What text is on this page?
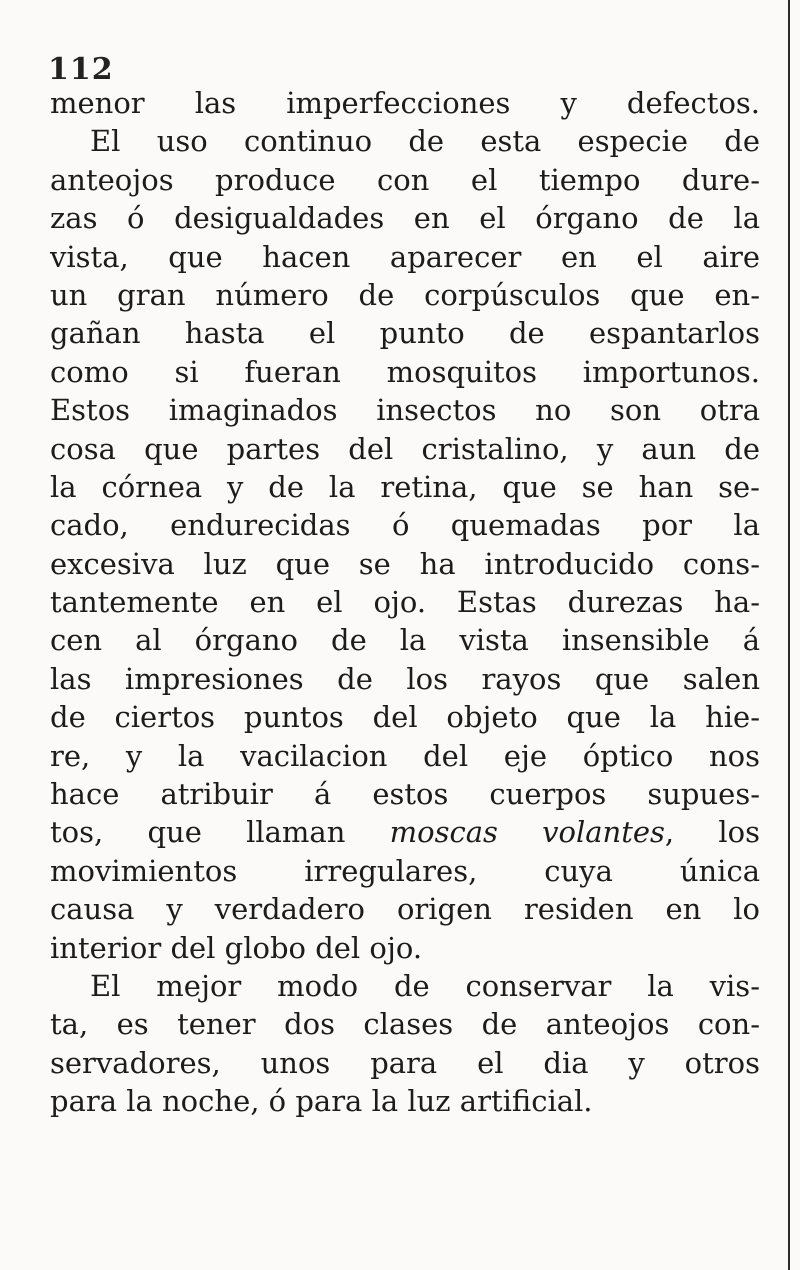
112
menor las imperfecciones y defectos.
El uso continuo de esta especie de
anteojos produce con el tiempo dure-
zas ó desigualdades en el órgano de la
vista, que hacen aparecer en el aire
un gran número de corpúsculos que en-
gañan hasta el punto de espantarlos
como si fueran mosquitos importunos.
Estos imaginados insectos no son otra
cosa que partes del cristalino, y aun de
la córnea y de la retina, que se han se-
cado, endurecidas ó quemadas por la
excesiva luz que se ha introducido cons-
tantemente en el ojo. Estas durezas ha-
cen al órgano de la vista insensible á
las impresiones de los rayos que salen
de ciertos puntos del objeto que la hie-
re, y la vacilacion del eje óptico nos
hace atribuir á estos cuerpos supues-
tos, que llaman moscas volantes, los
movimientos irregulares, cuya única
causa y verdadero origen residen en lo
interior del globo del ojo.
El mejor modo de conservar la vis-
ta, es tener dos clases de anteojos con-
servadores, unos para el dia y otros
para la noche, ó para la luz artificial.
